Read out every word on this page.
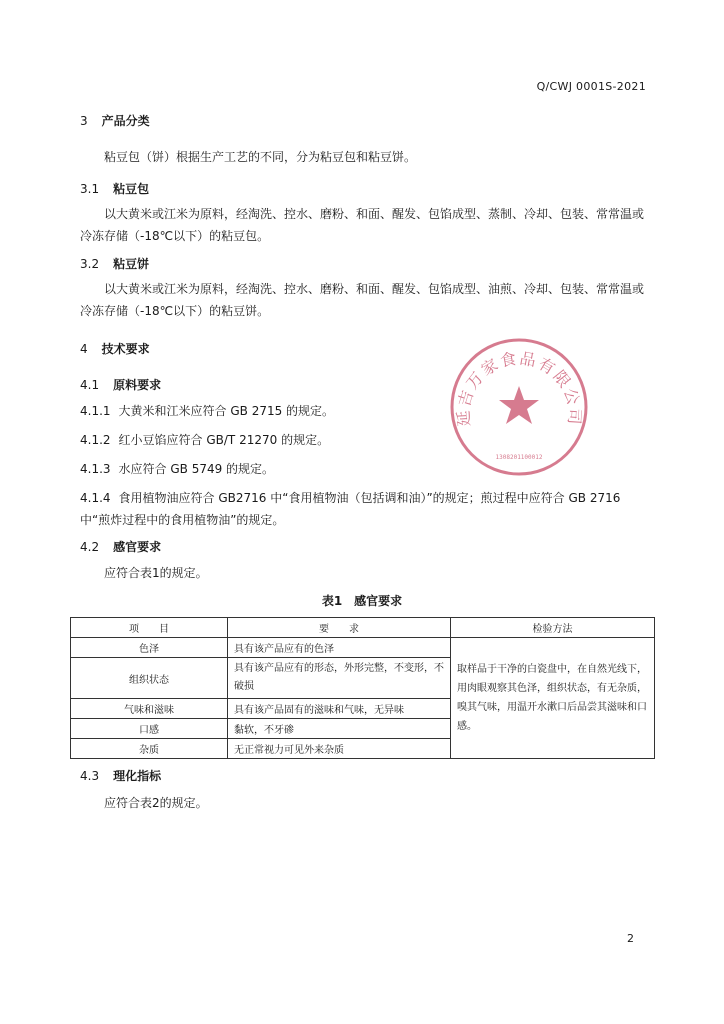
Q/CWJ 0001S-2021
3 产品分类
粘豆包（饼）根据生产工艺的不同，分为粘豆包和粘豆饼。
3.1 粘豆包
以大黄米或江米为原料，经淘洗、控水、磨粉、和面、醒发、包馅成型、蒸制、冷却、包装、常常温或冷冻存储（-18℃以下）的粘豆包。
3.2 粘豆饼
以大黄米或江米为原料，经淘洗、控水、磨粉、和面、醒发、包馅成型、油煎、冷却、包装、常常温或冷冻存储（-18℃以下）的粘豆饼。
4 技术要求
4.1 原料要求
4.1.1 大黄米和江米应符合 GB 2715 的规定。
4.1.2 红小豆馅应符合 GB/T 21270 的规定。
4.1.3 水应符合 GB 5749 的规定。
4.1.4 食用植物油应符合 GB2716 中“食用植物油（包括调和油）”的规定；煎过程中应符合 GB 2716 中“煎炸过程中的食用植物油”的规定。
4.2 感官要求
应符合表1的规定。
表1　感官要求
项　　目	要　　求	检验方法
色泽	具有该产品应有的色泽	取样品于干净的白瓷盘中，在自然光线下，用肉眼观察其色泽，组织状态，有无杂质，嗅其气味，用温开水漱口后品尝其滋味和口感。
组织状态	具有该产品应有的形态，外形完整，不变形，不破损	
气味和滋味	具有该产品固有的滋味和气味，无异味	
口感	黏软，不牙碜	
杂质	无正常视力可见外来杂质	
4.3 理化指标
应符合表2的规定。
延吉万家食品有限公司
1308201100012
2
